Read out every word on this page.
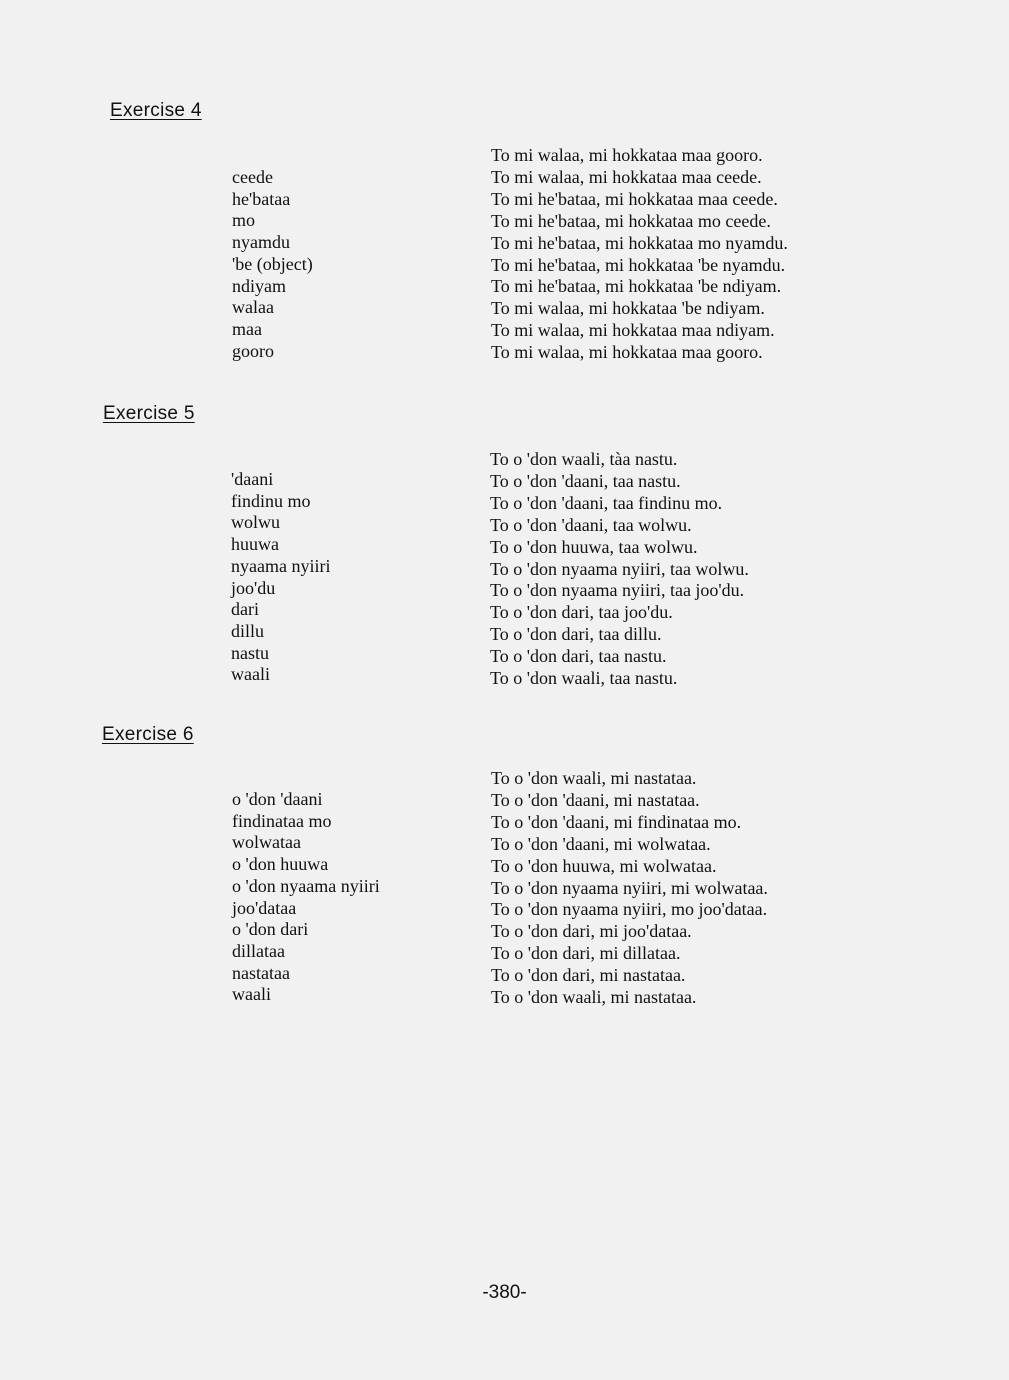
Exercise 4
ceede
he'bataa
mo
nyamdu
'be (object)
ndiyam
walaa
maa
gooro
To mi walaa, mi hokkataa maa gooro.
To mi walaa, mi hokkataa maa ceede.
To mi he'bataa, mi hokkataa maa ceede.
To mi he'bataa, mi hokkataa mo ceede.
To mi he'bataa, mi hokkataa mo nyamdu.
To mi he'bataa, mi hokkataa 'be nyamdu.
To mi he'bataa, mi hokkataa 'be ndiyam.
To mi walaa, mi hokkataa 'be ndiyam.
To mi walaa, mi hokkataa maa ndiyam.
To mi walaa, mi hokkataa maa gooro.
Exercise 5
'daani
findinu mo
wolwu
huuwa
nyaama nyiiri
joo'du
dari
dillu
nastu
waali
To o 'don waali, tàa nastu.
To o 'don 'daani, taa nastu.
To o 'don 'daani, taa findinu mo.
To o 'don 'daani, taa wolwu.
To o 'don huuwa, taa wolwu.
To o 'don nyaama nyiiri, taa wolwu.
To o 'don nyaama nyiiri, taa joo'du.
To o 'don dari, taa joo'du.
To o 'don dari, taa dillu.
To o 'don dari, taa nastu.
To o 'don waali, taa nastu.
Exercise 6
o 'don 'daani
findinataa mo
wolwataa
o 'don huuwa
o 'don nyaama nyiiri
joo'dataa
o 'don dari
dillataa
nastataa
waali
To o 'don waali, mi nastataa.
To o 'don 'daani, mi nastataa.
To o 'don 'daani, mi findinataa mo.
To o 'don 'daani, mi wolwataa.
To o 'don huuwa, mi wolwataa.
To o 'don nyaama nyiiri, mi wolwataa.
To o 'don nyaama nyiiri, mo joo'dataa.
To o 'don dari, mi joo'dataa.
To o 'don dari, mi dillataa.
To o 'don dari, mi nastataa.
To o 'don waali, mi nastataa.
-380-
